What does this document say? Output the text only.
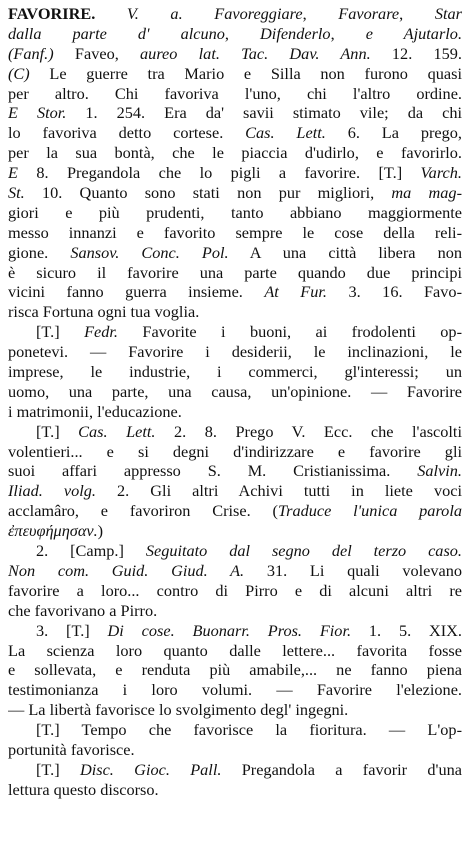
FAVORIRE. V. a. Favoreggiare, Favorare, Star
dalla parte d' alcuno, Difenderlo, e Ajutarlo.
(Fanf.) Faveo, aureo lat. Tac. Dav. Ann. 12. 159.
(C) Le guerre tra Mario e Silla non furono quasi
per altro. Chi favoriva l'uno, chi l'altro ordine.
E Stor. 1. 254. Era da' savii stimato vile; da chi
lo favoriva detto cortese. Cas. Lett. 6. La prego,
per la sua bontà, che le piaccia d'udirlo, e favorirlo.
E 8. Pregandola che lo pigli a favorire. [T.] Varch.
St. 10. Quanto sono stati non pur migliori, ma mag-
giori e più prudenti, tanto abbiano maggiormente
messo innanzi e favorito sempre le cose della reli-
gione. Sansov. Conc. Pol. A una città libera non
è sicuro il favorire una parte quando due principi
vicini fanno guerra insieme. At Fur. 3. 16. Favo-
risca Fortuna ogni tua voglia.
[T.] Fedr. Favorite i buoni, ai frodolenti op-
ponetevi. — Favorire i desiderii, le inclinazioni, le
imprese, le industrie, i commerci, gl'interessi; un
uomo, una parte, una causa, un'opinione. — Favorire
i matrimonii, l'educazione.
[T.] Cas. Lett. 2. 8. Prego V. Ecc. che l'ascolti
volentieri... e si degni d'indirizzare e favorire gli
suoi affari appresso S. M. Cristianissima. Salvin.
Iliad. volg. 2. Gli altri Achivi tutti in liete voci
acclamâro, e favoriron Crise. (Traduce l'unica parola
ἐπευφήμησαν.)
2. [Camp.] Seguitato dal segno del terzo caso.
Non com. Guid. Giud. A. 31. Li quali volevano
favorire a loro... contro di Pirro e di alcuni altri re
che favorivano a Pirro.
3. [T.] Di cose. Buonarr. Pros. Fior. 1. 5. XIX.
La scienza loro quanto dalle lettere... favorita fosse
e sollevata, e renduta più amabile,... ne fanno piena
testimonianza i loro volumi. — Favorire l'elezione.
— La libertà favorisce lo svolgimento degl' ingegni.
[T.] Tempo che favorisce la fioritura. — L'op-
portunità favorisce.
[T.] Disc. Gioc. Pall. Pregandola a favorir d'una
lettura questo discorso.
